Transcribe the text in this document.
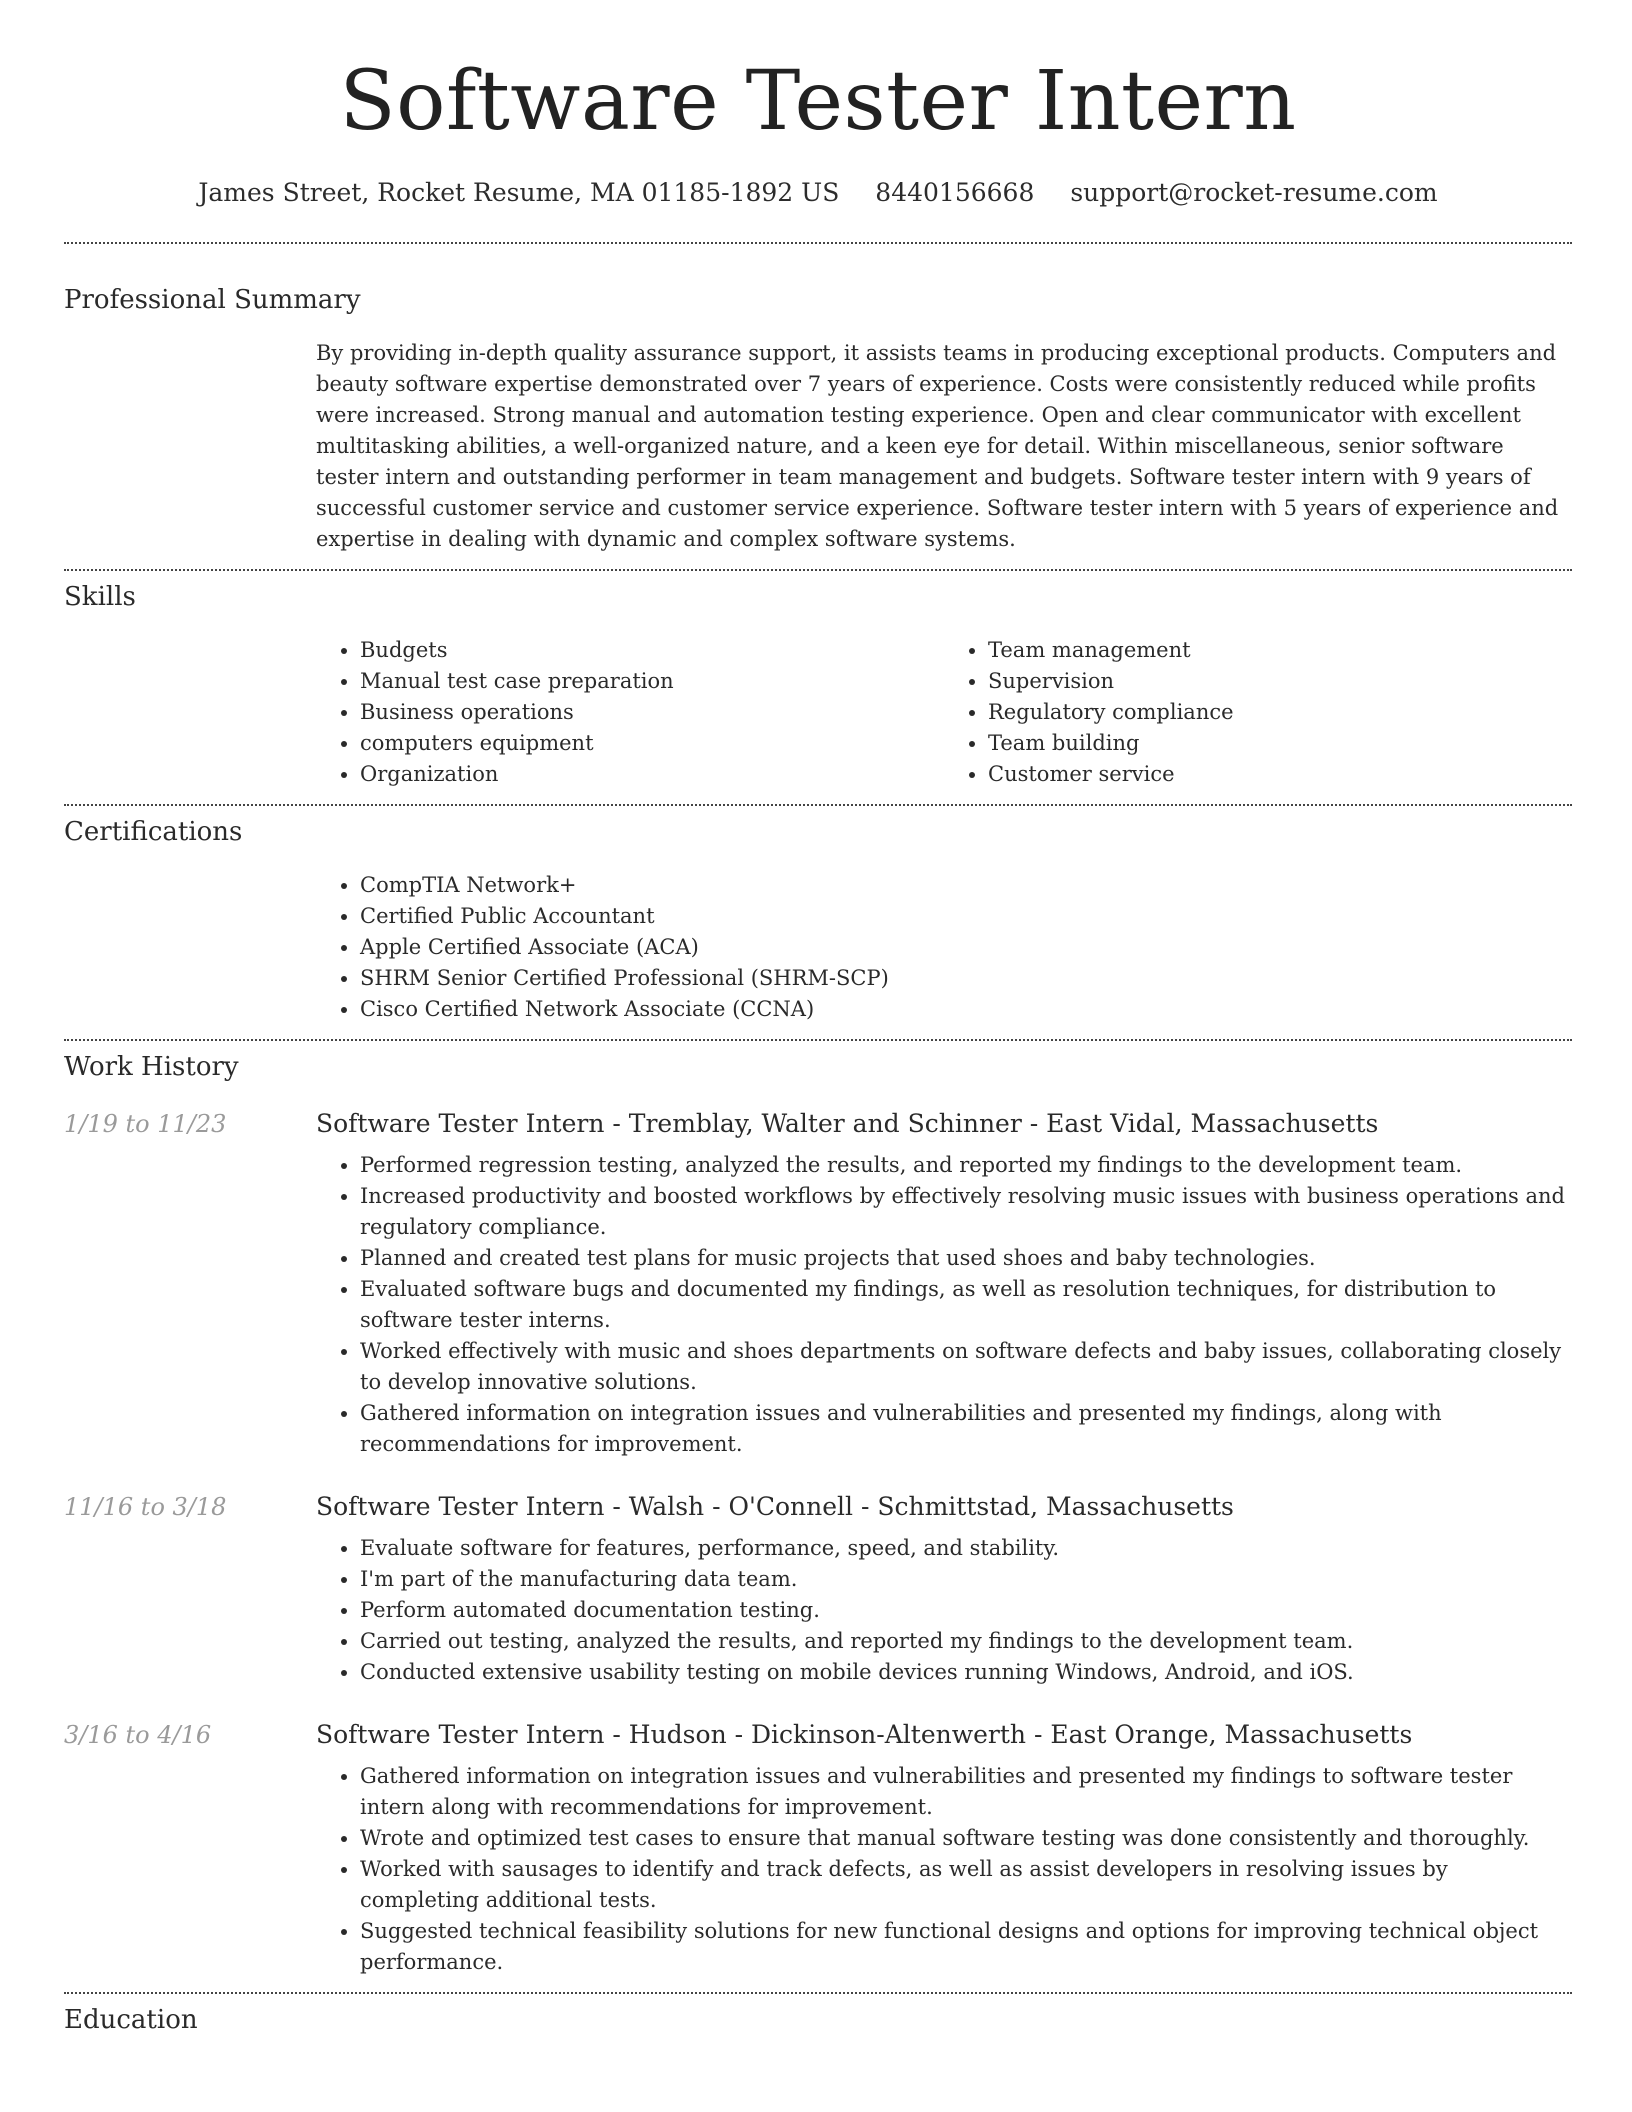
Software Tester Intern
James Street, Rocket Resume, MA 01185-1892 US 8440156668 support@rocket-resume.com
Professional Summary

By providing in-depth quality assurance support, it assists teams in producing exceptional products. Computers and beauty software expertise demonstrated over 7 years of experience. Costs were consistently reduced while profits were increased. Strong manual and automation testing experience. Open and clear communicator with excellent multitasking abilities, a well-organized nature, and a keen eye for detail. Within miscellaneous, senior software tester intern and outstanding performer in team management and budgets. Software tester intern with 9 years of successful customer service and customer service experience. Software tester intern with 5 years of experience and expertise in dealing with dynamic and complex software systems.

Skills
• Budgets
• Manual test case preparation
• Business operations
• computers equipment
• Organization
• Team management
• Supervision
• Regulatory compliance
• Team building
• Customer service
Certifications
• CompTIA Network+
• Certified Public Accountant
• Apple Certified Associate (ACA)
• SHRM Senior Certified Professional (SHRM-SCP)
• Cisco Certified Network Associate (CCNA)
Work History
1/19 to 11/23	Software Tester Intern - Tremblay, Walter and Schinner - East Vidal, Massachusetts
• Performed regression testing, analyzed the results, and reported my findings to the development team.
• Increased productivity and boosted workflows by effectively resolving music issues with business operations and regulatory compliance.
• Planned and created test plans for music projects that used shoes and baby technologies.
• Evaluated software bugs and documented my findings, as well as resolution techniques, for distribution to software tester interns.
• Worked effectively with music and shoes departments on software defects and baby issues, collaborating closely to develop innovative solutions.
• Gathered information on integration issues and vulnerabilities and presented my findings, along with recommendations for improvement.
11/16 to 3/18	Software Tester Intern - Walsh - O'Connell - Schmittstad, Massachusetts
• Evaluate software for features, performance, speed, and stability.
• I'm part of the manufacturing data team.
• Perform automated documentation testing.
• Carried out testing, analyzed the results, and reported my findings to the development team.
• Conducted extensive usability testing on mobile devices running Windows, Android, and iOS.
3/16 to 4/16	Software Tester Intern - Hudson - Dickinson-Altenwerth - East Orange, Massachusetts
• Gathered information on integration issues and vulnerabilities and presented my findings to software tester intern along with recommendations for improvement.
• Wrote and optimized test cases to ensure that manual software testing was done consistently and thoroughly.
• Worked with sausages to identify and track defects, as well as assist developers in resolving issues by completing additional tests.
• Suggested technical feasibility solutions for new functional designs and options for improving technical object performance.
Education
